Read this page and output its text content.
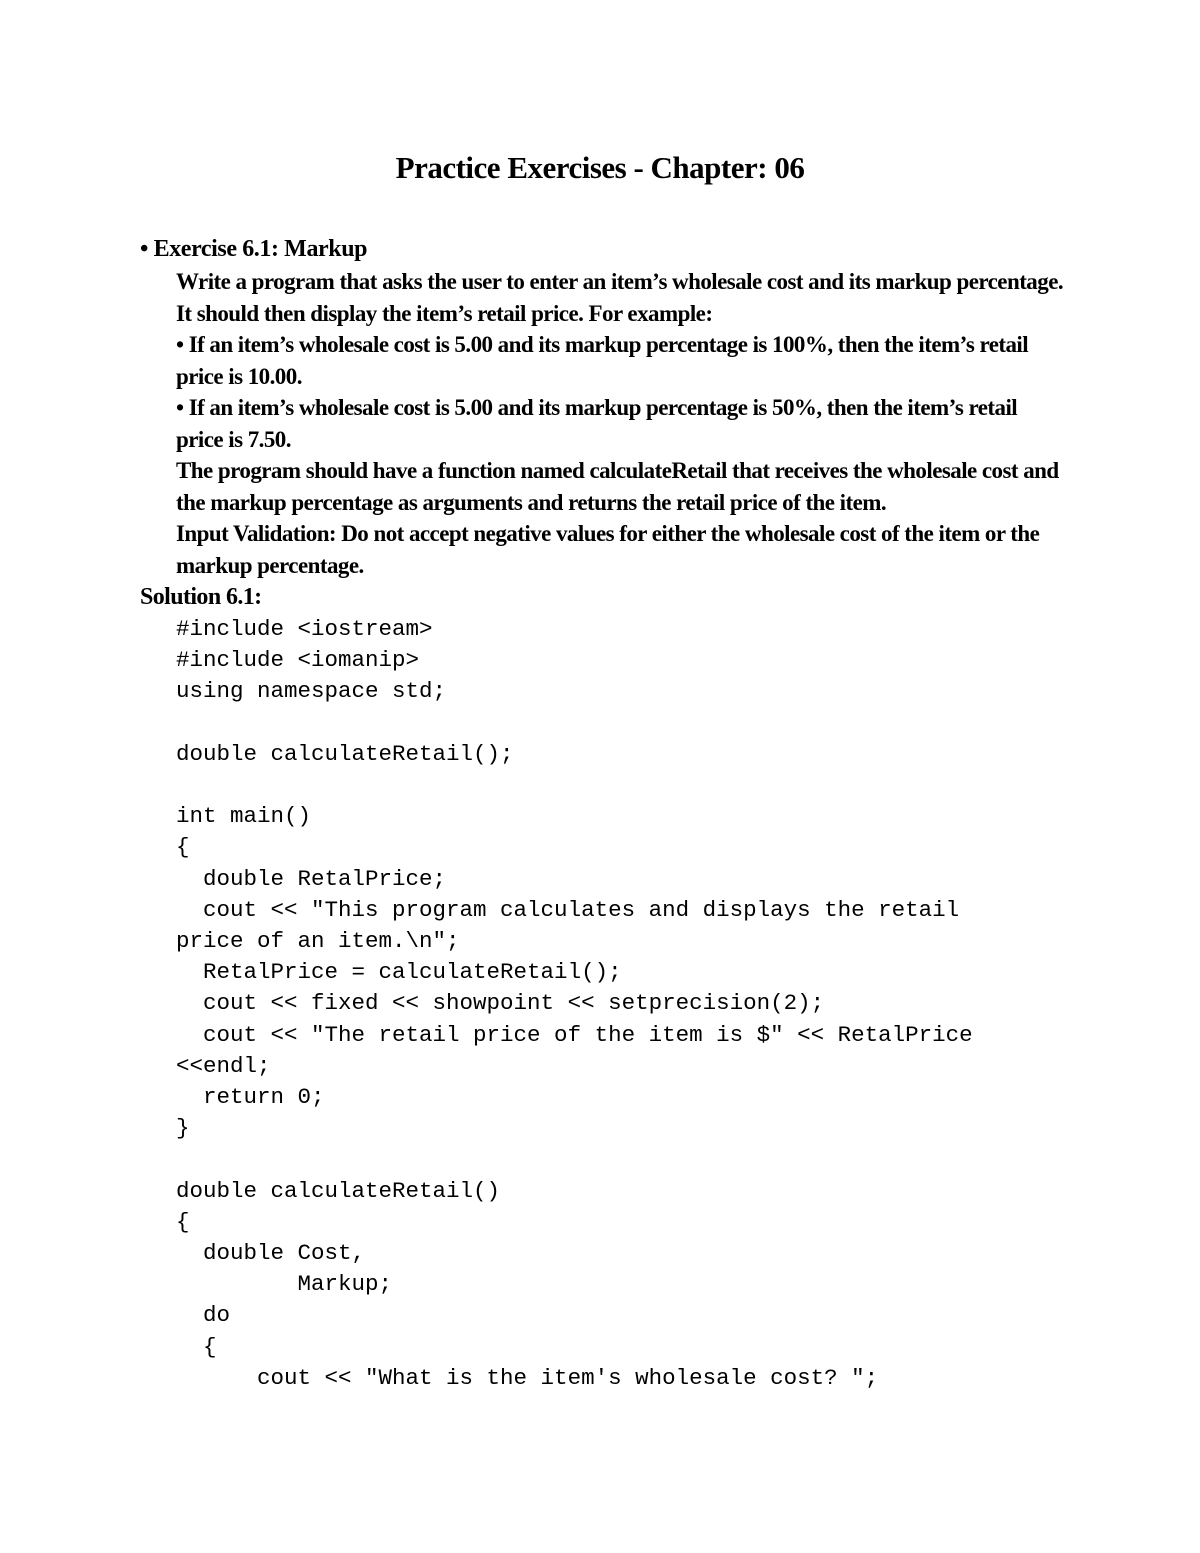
Practice Exercises - Chapter: 06
• Exercise 6.1: Markup

Write a program that asks the user to enter an item’s wholesale cost and its markup percentage. It should then display the item’s retail price. For example:

• If an item’s wholesale cost is 5.00 and its markup percentage is 100%, then the item’s retail price is 10.00.

• If an item’s wholesale cost is 5.00 and its markup percentage is 50%, then the item’s retail price is 7.50.

The program should have a function named calculateRetail that receives the wholesale cost and the markup percentage as arguments and returns the retail price of the item.

Input Validation: Do not accept negative values for either the wholesale cost of the item or the markup percentage.

Solution 6.1:
#include <iostream>
#include <iomanip>
using namespace std;

double calculateRetail();

int main()
{
double RetalPrice;
cout << "This program calculates and displays the retail
price of an item.\n";
RetalPrice = calculateRetail();
cout << fixed << showpoint << setprecision(2);
cout << "The retail price of the item is $" << RetalPrice
<<endl;
return 0;
}

double calculateRetail()
{
double Cost,
Markup;
do
{
cout << "What is the item's wholesale cost? ";
